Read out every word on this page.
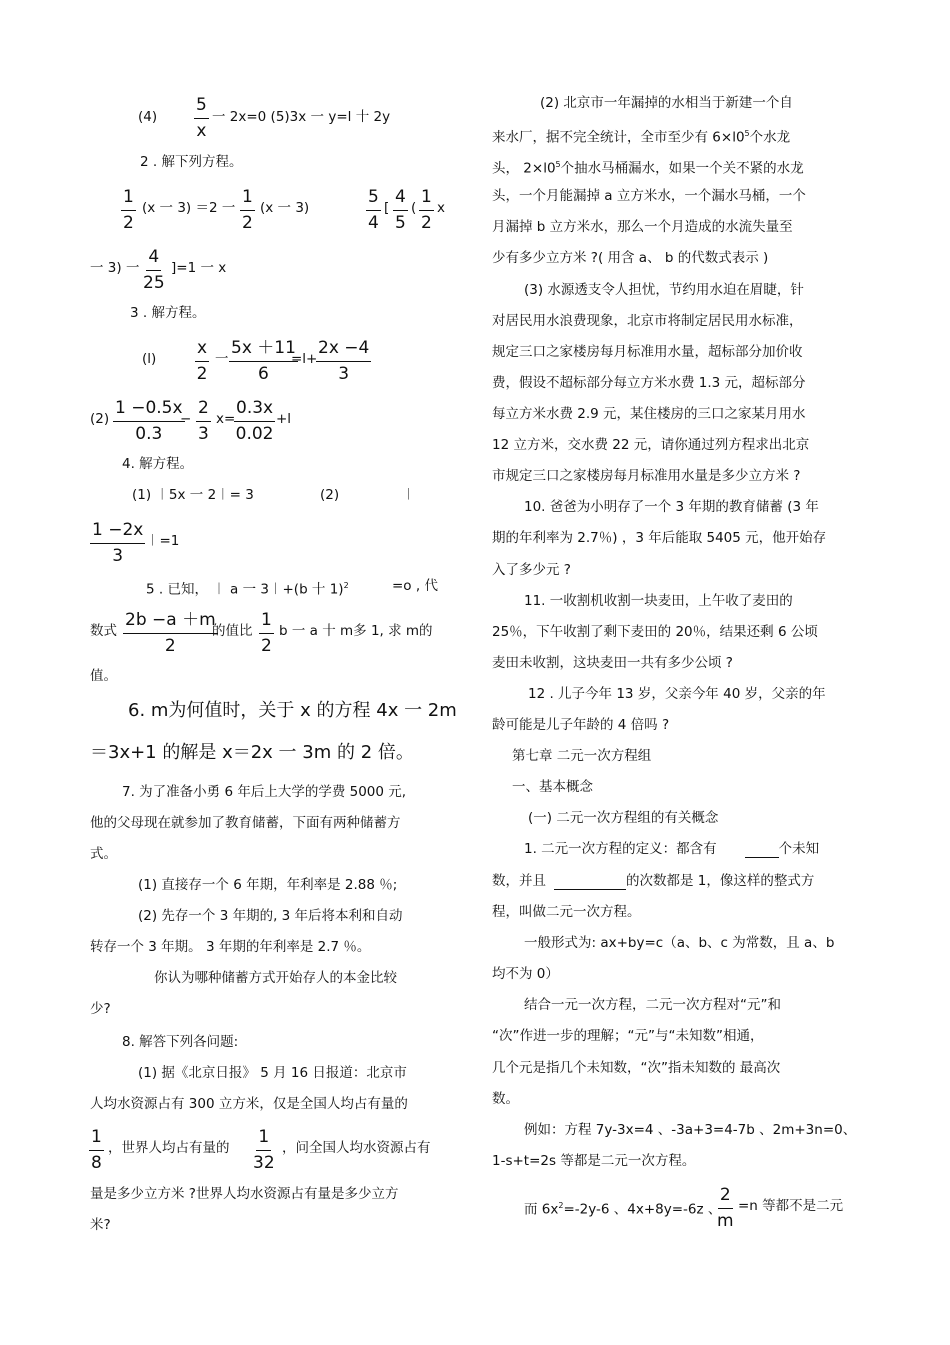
$(4) \frac{5}{x}$ 一 2x=0 (5)3x 一 y=l 十 2y
2 . 解下列方程。
$\frac{1}{2} (x$ 一 3) ＝2 一 $\frac{1}{2} (x$ 一 3)	$\frac{5}{4}$ [ $\frac{4}{5}$ ( $\frac{1}{2}$ x
一 3) 一 $\frac{4}{25} ]=1$ 一 x
3 . 解方程。
$(l) \frac{x}{2}$ 一 $\frac{5x +11}{6}$
=l+
$\frac{2x -4}{3}$
$(2) \frac{1 -0.5x}{0.3}$
− $\frac{2}{3} x=$
$\frac{0.3x}{0.02} +l$
4. 解方程。
(1) ︱5x 一 2︱= 3	(2)	︱
$\frac{1 -2x}{3}$ ︱=1
5 . 已知， ︱ a 一 3︱+(b 十 1)$^2$	=o , 代
数式 $\frac{2b -a +m}{2}$
的值比 $\frac{1}{2}$ b 一 a 十 m多 1, 求 m的
值。
6. m为何值时，关于 x 的方程 4x 一 2m
＝3x+1 的解是 x＝2x 一 3m 的 2 倍。
7. 为了准备小勇 6 年后上大学的学费 5000 元,
他的父母现在就参加了教育储蓄，下面有两种储蓄方
式。
(1) 直接存一个 6 年期，年利率是 2.88 ％;
(2) 先存一个 3 年期的, 3 年后将本利和自动
转存一个 3 年期。 3 年期的年利率是 2.7 ％。
你认为哪种储蓄方式开始存人的本金比较
少?
8. 解答下列各问题:
(1) 据《北京日报》 5 月 16 日报道：北京市
人均水资源占有 300 立方米，仅是全国人均占有量的
$\frac{1}{8}$ ，世界人均占有量的 $\frac{1}{32}$ ，问全国人均水资源占有
量是多少立方米 ?世界人均水资源占有量是多少立方
米?
(2) 北京市一年漏掉的水相当于新建一个自
来水厂，据不完全统计，全市至少有 $6\times l0^5$个水龙
头， $2\times l0^5$个抽水马桶漏水，如果一个关不紧的水龙
头，一个月能漏掉 a 立方米水，一个漏水马桶，一个
月漏掉 b 立方米水，那么一个月造成的水流失量至
少有多少立方米 ?( 用含 a、 b 的代数式表示 )
(3) 水源透支令人担忧，节约用水迫在眉睫，针
对居民用水浪费现象，北京市将制定居民用水标准，
规定三口之家楼房每月标准用水量，超标部分加价收
费，假设不超标部分每立方米水费 1.3 元，超标部分
每立方米水费 2.9 元，某住楼房的三口之家某月用水
12 立方米，交水费 22 元，请你通过列方程求出北京
市规定三口之家楼房每月标准用水量是多少立方米 ?
10. 爸爸为小明存了一个 3 年期的教育储蓄 (3 年
期的年利率为 2.7％) ，3 年后能取 5405 元，他开始存
入了多少元 ?
11. 一收割机收割一块麦田，上午收了麦田的
25％，下午收割了剩下麦田的 20％，结果还剩 6 公顷
麦田未收割，这块麦田一共有多少公顷 ?
12 . 儿子今年 13 岁，父亲今年 40 岁，父亲的年
龄可能是儿子年龄的 4 倍吗 ?
第七章 二元一次方程组
一、基本概念
(一) 二元一次方程组的有关概念
1. 二元一次方程的定义：都含有	个未知
数，并且	的次数都是 1，像这样的整式方
程，叫做二元一次方程。
一般形式为: ax+by=c（a、b、c 为常数，且 a、b
均不为 0）
结合一元一次方程，二元一次方程对“元”和
“次”作进一步的理解；“元”与“未知数”相通，
几个元是指几个未知数，“次”指未知数的 最高次
数。
例如：方程 7y-3x=4 、-3a+3=4-7b 、2m+3n=0、
1-s+t=2s 等都是二元一次方程。
而 $6x^2=-2y-6$ 、4x+8y=-6z 、
$\frac{2}{m} =n$ 等都不是二元
